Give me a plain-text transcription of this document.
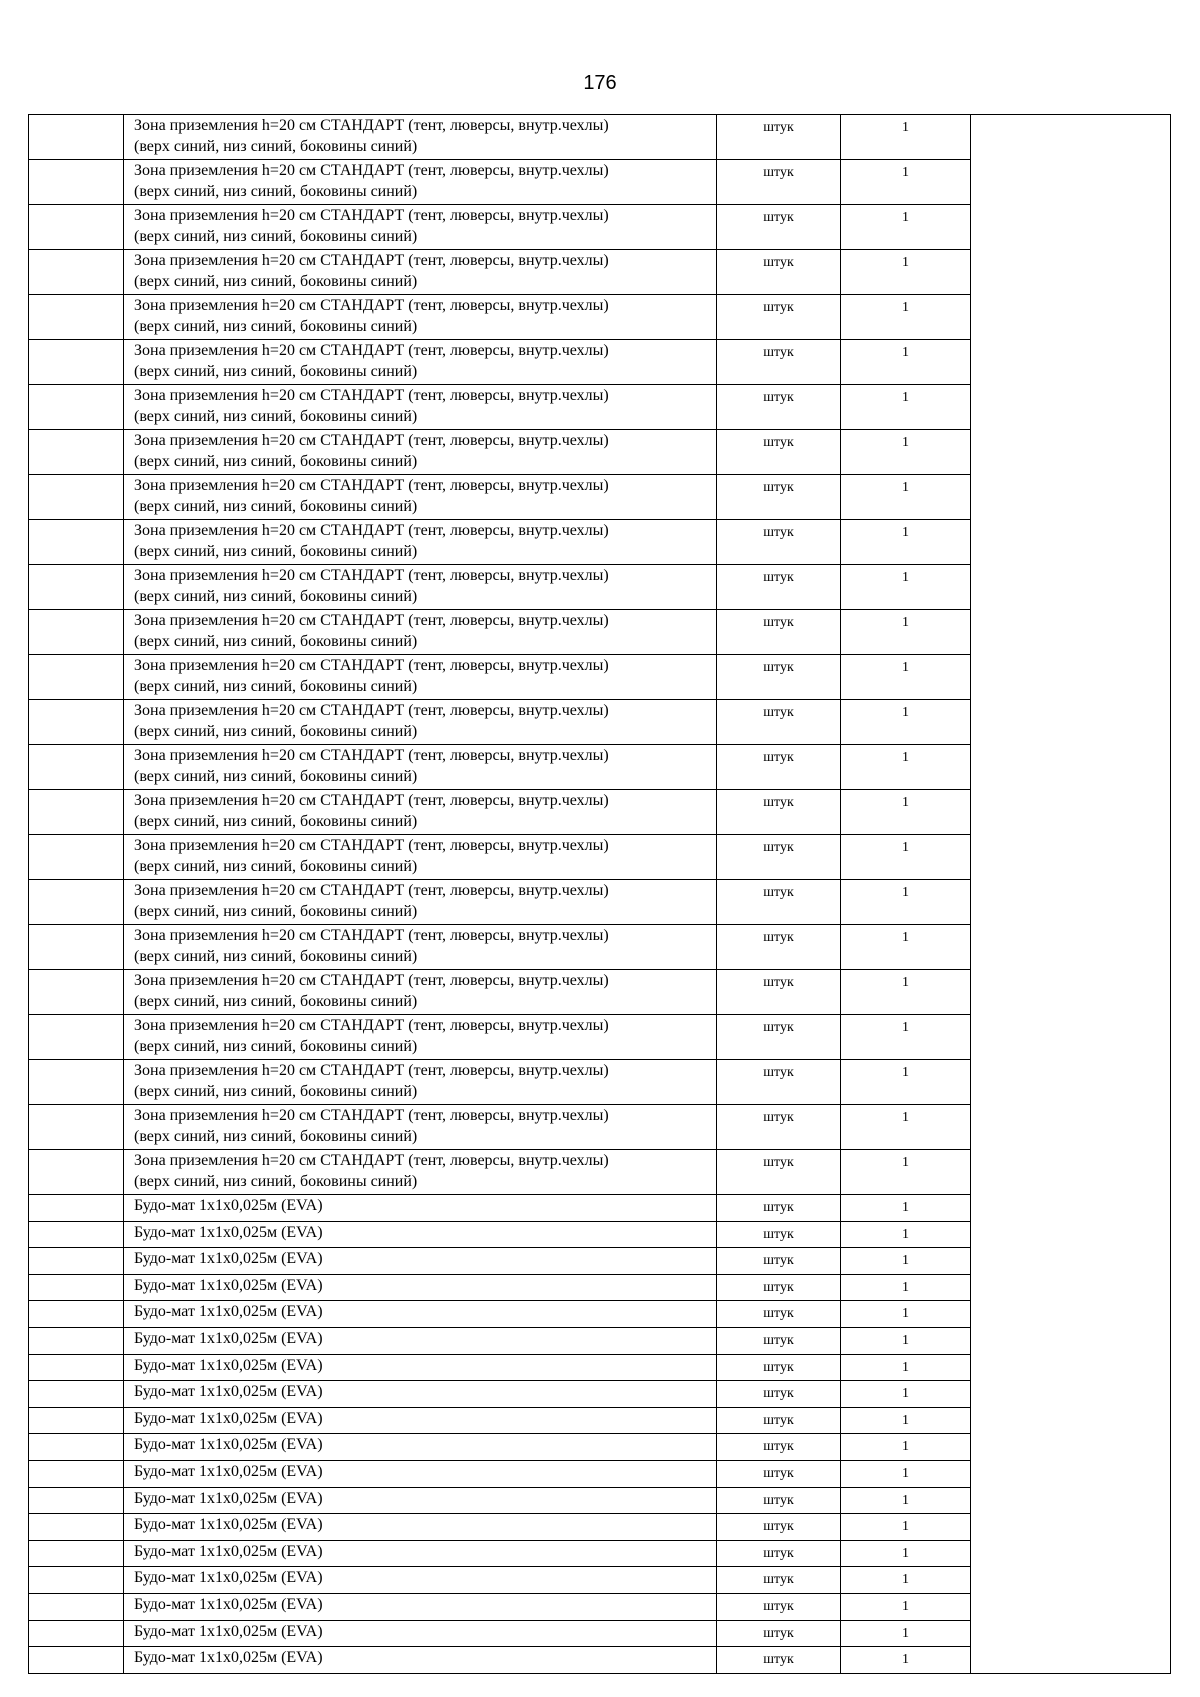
176

	Зона приземления h=20 см СТАНДАРТ (тент, люверсы, внутр.чехлы)
(верх синий, низ синий, боковины синий)	штук	1	

	Зона приземления h=20 см СТАНДАРТ (тент, люверсы, внутр.чехлы)
(верх синий, низ синий, боковины синий)	штук	1	

	Зона приземления h=20 см СТАНДАРТ (тент, люверсы, внутр.чехлы)
(верх синий, низ синий, боковины синий)	штук	1	

	Зона приземления h=20 см СТАНДАРТ (тент, люверсы, внутр.чехлы)
(верх синий, низ синий, боковины синий)	штук	1	

	Зона приземления h=20 см СТАНДАРТ (тент, люверсы, внутр.чехлы)
(верх синий, низ синий, боковины синий)	штук	1	

	Зона приземления h=20 см СТАНДАРТ (тент, люверсы, внутр.чехлы)
(верх синий, низ синий, боковины синий)	штук	1	

	Зона приземления h=20 см СТАНДАРТ (тент, люверсы, внутр.чехлы)
(верх синий, низ синий, боковины синий)	штук	1	

	Зона приземления h=20 см СТАНДАРТ (тент, люверсы, внутр.чехлы)
(верх синий, низ синий, боковины синий)	штук	1	

	Зона приземления h=20 см СТАНДАРТ (тент, люверсы, внутр.чехлы)
(верх синий, низ синий, боковины синий)	штук	1	

	Зона приземления h=20 см СТАНДАРТ (тент, люверсы, внутр.чехлы)
(верх синий, низ синий, боковины синий)	штук	1	

	Зона приземления h=20 см СТАНДАРТ (тент, люверсы, внутр.чехлы)
(верх синий, низ синий, боковины синий)	штук	1	

	Зона приземления h=20 см СТАНДАРТ (тент, люверсы, внутр.чехлы)
(верх синий, низ синий, боковины синий)	штук	1	

	Зона приземления h=20 см СТАНДАРТ (тент, люверсы, внутр.чехлы)
(верх синий, низ синий, боковины синий)	штук	1	

	Зона приземления h=20 см СТАНДАРТ (тент, люверсы, внутр.чехлы)
(верх синий, низ синий, боковины синий)	штук	1	

	Зона приземления h=20 см СТАНДАРТ (тент, люверсы, внутр.чехлы)
(верх синий, низ синий, боковины синий)	штук	1	

	Зона приземления h=20 см СТАНДАРТ (тент, люверсы, внутр.чехлы)
(верх синий, низ синий, боковины синий)	штук	1	

	Зона приземления h=20 см СТАНДАРТ (тент, люверсы, внутр.чехлы)
(верх синий, низ синий, боковины синий)	штук	1	

	Зона приземления h=20 см СТАНДАРТ (тент, люверсы, внутр.чехлы)
(верх синий, низ синий, боковины синий)	штук	1	

	Зона приземления h=20 см СТАНДАРТ (тент, люверсы, внутр.чехлы)
(верх синий, низ синий, боковины синий)	штук	1	

	Зона приземления h=20 см СТАНДАРТ (тент, люверсы, внутр.чехлы)
(верх синий, низ синий, боковины синий)	штук	1	

	Зона приземления h=20 см СТАНДАРТ (тент, люверсы, внутр.чехлы)
(верх синий, низ синий, боковины синий)	штук	1	

	Зона приземления h=20 см СТАНДАРТ (тент, люверсы, внутр.чехлы)
(верх синий, низ синий, боковины синий)	штук	1	

	Зона приземления h=20 см СТАНДАРТ (тент, люверсы, внутр.чехлы)
(верх синий, низ синий, боковины синий)	штук	1	

	Зона приземления h=20 см СТАНДАРТ (тент, люверсы, внутр.чехлы)
(верх синий, низ синий, боковины синий)	штук	1	

	Будо-мат 1x1x0,025м (EVA)	штук	1	

	Будо-мат 1x1x0,025м (EVA)	штук	1	

	Будо-мат 1x1x0,025м (EVA)	штук	1	

	Будо-мат 1x1x0,025м (EVA)	штук	1	

	Будо-мат 1x1x0,025м (EVA)	штук	1	

	Будо-мат 1x1x0,025м (EVA)	штук	1	

	Будо-мат 1x1x0,025м (EVA)	штук	1	

	Будо-мат 1x1x0,025м (EVA)	штук	1	

	Будо-мат 1x1x0,025м (EVA)	штук	1	

	Будо-мат 1x1x0,025м (EVA)	штук	1	

	Будо-мат 1x1x0,025м (EVA)	штук	1	

	Будо-мат 1x1x0,025м (EVA)	штук	1	

	Будо-мат 1x1x0,025м (EVA)	штук	1	

	Будо-мат 1x1x0,025м (EVA)	штук	1	

	Будо-мат 1x1x0,025м (EVA)	штук	1	

	Будо-мат 1x1x0,025м (EVA)	штук	1	

	Будо-мат 1x1x0,025м (EVA)	штук	1	

	Будо-мат 1x1x0,025м (EVA)	штук	1	
